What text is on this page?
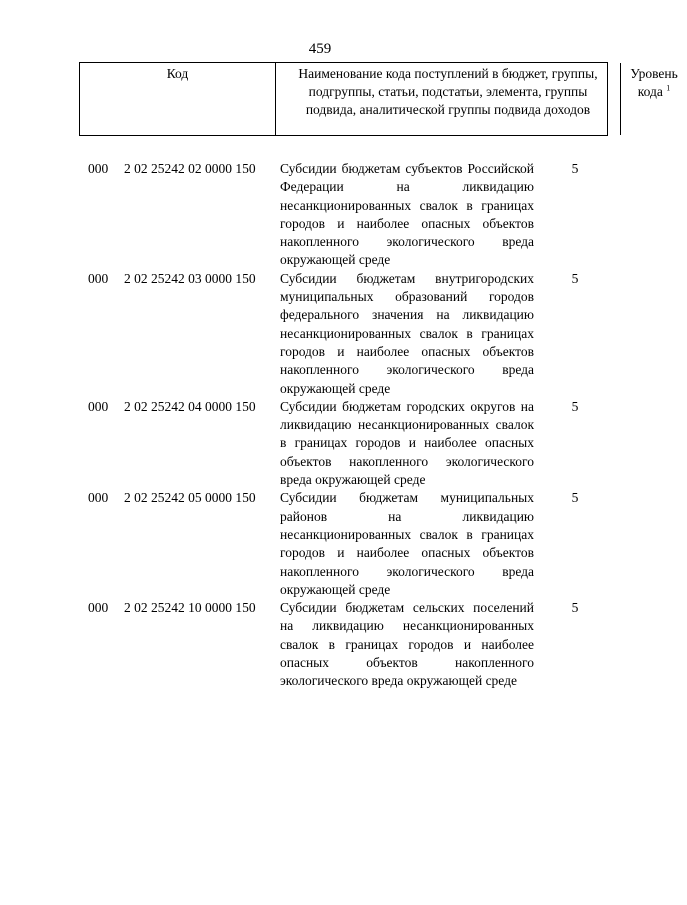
459
Код	Наименование кода поступлений в бюджет, группы, подгруппы, статьи, подстатьи, элемента, группы подвида, аналитической группы подвида доходов
Уровень кода $^1$
000 2 02 25242 02 0000 150 Субсидии бюджетам субъектов Российской Федерации на ликвидацию несанкционированных свалок в границах городов и наиболее опасных объектов накопленного экологического вреда окружающей среде
5
000 2 02 25242 03 0000 150 Субсидии бюджетам внутригородских муниципальных образований городов федерального значения на ликвидацию несанкционированных свалок в границах городов и наиболее опасных объектов накопленного экологического вреда окружающей среде
5
000 2 02 25242 04 0000 150 Субсидии бюджетам городских округов на ликвидацию несанкционированных свалок в границах городов и наиболее опасных объектов накопленного экологического вреда окружающей среде
5
000 2 02 25242 05 0000 150 Субсидии бюджетам муниципальных районов на ликвидацию несанкционированных свалок в границах городов и наиболее опасных объектов накопленного экологического вреда окружающей среде
5
000 2 02 25242 10 0000 150 Субсидии бюджетам сельских поселений на ликвидацию несанкционированных свалок в границах городов и наиболее опасных объектов накопленного экологического вреда окружающей среде
5
